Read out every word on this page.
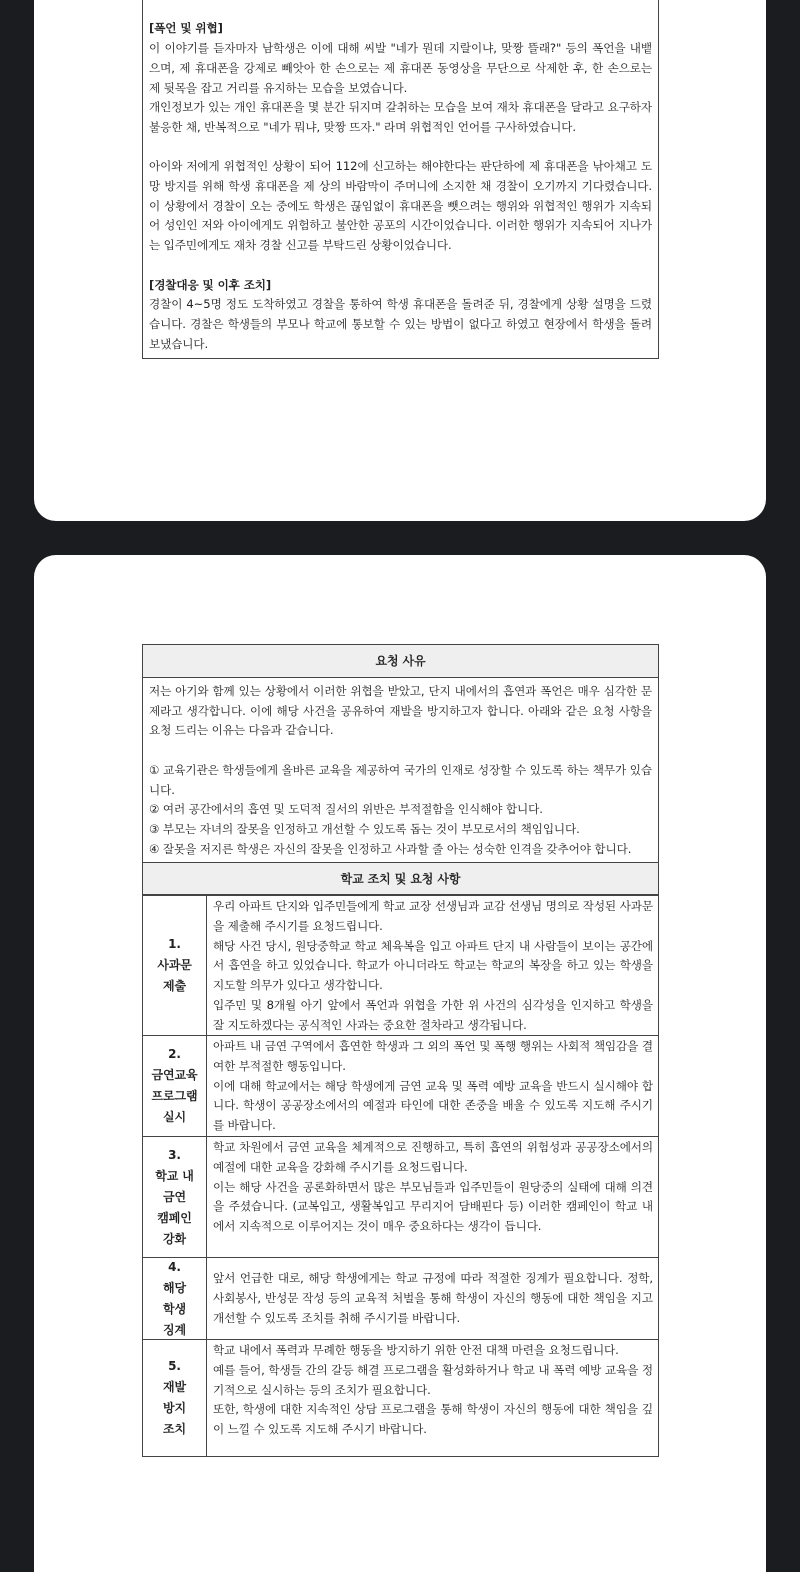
[폭언 및 위협]

이 이야기를 듣자마자 남학생은 이에 대해 씨발 "네가 뭔데 지랄이냐, 맞짱 뜰래?" 등의 폭언을 내뱉으며, 제 휴대폰을 강제로 빼앗아 한 손으로는 제 휴대폰 동영상을 무단으로 삭제한 후, 한 손으로는 제 뒷목을 잡고 거리를 유지하는 모습을 보였습니다.

개인정보가 있는 개인 휴대폰을 몇 분간 뒤지며 갈취하는 모습을 보여 재차 휴대폰을 달라고 요구하자 불응한 채, 반복적으로 "네가 뭐냐, 맞짱 뜨자." 라며 위협적인 언어를 구사하였습니다.

아이와 저에게 위협적인 상황이 되어 112에 신고하는 해야한다는 판단하에 제 휴대폰을 낚아채고 도망 방지를 위해 학생 휴대폰을 제 상의 바람막이 주머니에 소지한 채 경찰이 오기까지 기다렸습니다. 이 상황에서 경찰이 오는 중에도 학생은 끊임없이 휴대폰을 뺏으려는 행위와 위협적인 행위가 지속되어 성인인 저와 아이에게도 위험하고 불안한 공포의 시간이었습니다. 이러한 행위가 지속되어 지나가는 입주민에게도 재차 경찰 신고를 부탁드린 상황이었습니다.

[경찰대응 및 이후 조치]

경찰이 4~5명 정도 도착하였고 경찰을 통하여 학생 휴대폰을 돌려준 뒤, 경찰에게 상황 설명을 드렸습니다. 경찰은 학생들의 부모나 학교에 통보할 수 있는 방법이 없다고 하였고 현장에서 학생을 돌려보냈습니다.

요청 사유

저는 아기와 함께 있는 상황에서 이러한 위협을 받았고, 단지 내에서의 흡연과 폭언은 매우 심각한 문제라고 생각합니다. 이에 해당 사건을 공유하여 재발을 방지하고자 합니다. 아래와 같은 요청 사항을 요청 드리는 이유는 다음과 같습니다.

① 교육기관은 학생들에게 올바른 교육을 제공하여 국가의 인재로 성장할 수 있도록 하는 책무가 있습니다.

② 여러 공간에서의 흡연 및 도덕적 질서의 위반은 부적절함을 인식해야 합니다.

③ 부모는 자녀의 잘못을 인정하고 개선할 수 있도록 돕는 것이 부모로서의 책임입니다.

④ 잘못을 저지른 학생은 자신의 잘못을 인정하고 사과할 줄 아는 성숙한 인격을 갖추어야 합니다.

학교 조치 및 요청 사항
1.
사과문
제출

우리 아파트 단지와 입주민들에게 학교 교장 선생님과 교감 선생님 명의로 작성된 사과문을 제출해 주시기를 요청드립니다.

해당 사건 당시, 원당중학교 학교 체육복을 입고 아파트 단지 내 사람들이 보이는 공간에서 흡연을 하고 있었습니다. 학교가 아니더라도 학교는 학교의 복장을 하고 있는 학생을 지도할 의무가 있다고 생각합니다.

입주민 및 8개월 아기 앞에서 폭언과 위협을 가한 위 사건의 심각성을 인지하고 학생을 잘 지도하겠다는 공식적인 사과는 중요한 절차라고 생각됩니다.

2.
금연교육
프로그램
실시

아파트 내 금연 구역에서 흡연한 학생과 그 외의 폭언 및 폭행 행위는 사회적 책임감을 결여한 부적절한 행동입니다.

이에 대해 학교에서는 해당 학생에게 금연 교육 및 폭력 예방 교육을 반드시 실시해야 합니다. 학생이 공공장소에서의 예절과 타인에 대한 존중을 배울 수 있도록 지도해 주시기를 바랍니다.

3.
학교 내
금연
캠페인
강화

학교 차원에서 금연 교육을 체계적으로 진행하고, 특히 흡연의 위험성과 공공장소에서의 예절에 대한 교육을 강화해 주시기를 요청드립니다.

이는 해당 사건을 공론화하면서 많은 부모님들과 입주민들이 원당중의 실태에 대해 의견을 주셨습니다. (교복입고, 생활복입고 무리지어 담배핀다 등) 이러한 캠페인이 학교 내에서 지속적으로 이루어지는 것이 매우 중요하다는 생각이 듭니다.

4.
해당
학생
징계

앞서 언급한 대로, 해당 학생에게는 학교 규정에 따라 적절한 징계가 필요합니다. 정학, 사회봉사, 반성문 작성 등의 교육적 처벌을 통해 학생이 자신의 행동에 대한 책임을 지고 개선할 수 있도록 조치를 취해 주시기를 바랍니다.

5.
재발
방지
조치

학교 내에서 폭력과 무례한 행동을 방지하기 위한 안전 대책 마련을 요청드립니다.

예를 들어, 학생들 간의 갈등 해결 프로그램을 활성화하거나 학교 내 폭력 예방 교육을 정기적으로 실시하는 등의 조치가 필요합니다.

또한, 학생에 대한 지속적인 상담 프로그램을 통해 학생이 자신의 행동에 대한 책임을 깊이 느낄 수 있도록 지도해 주시기 바랍니다.
